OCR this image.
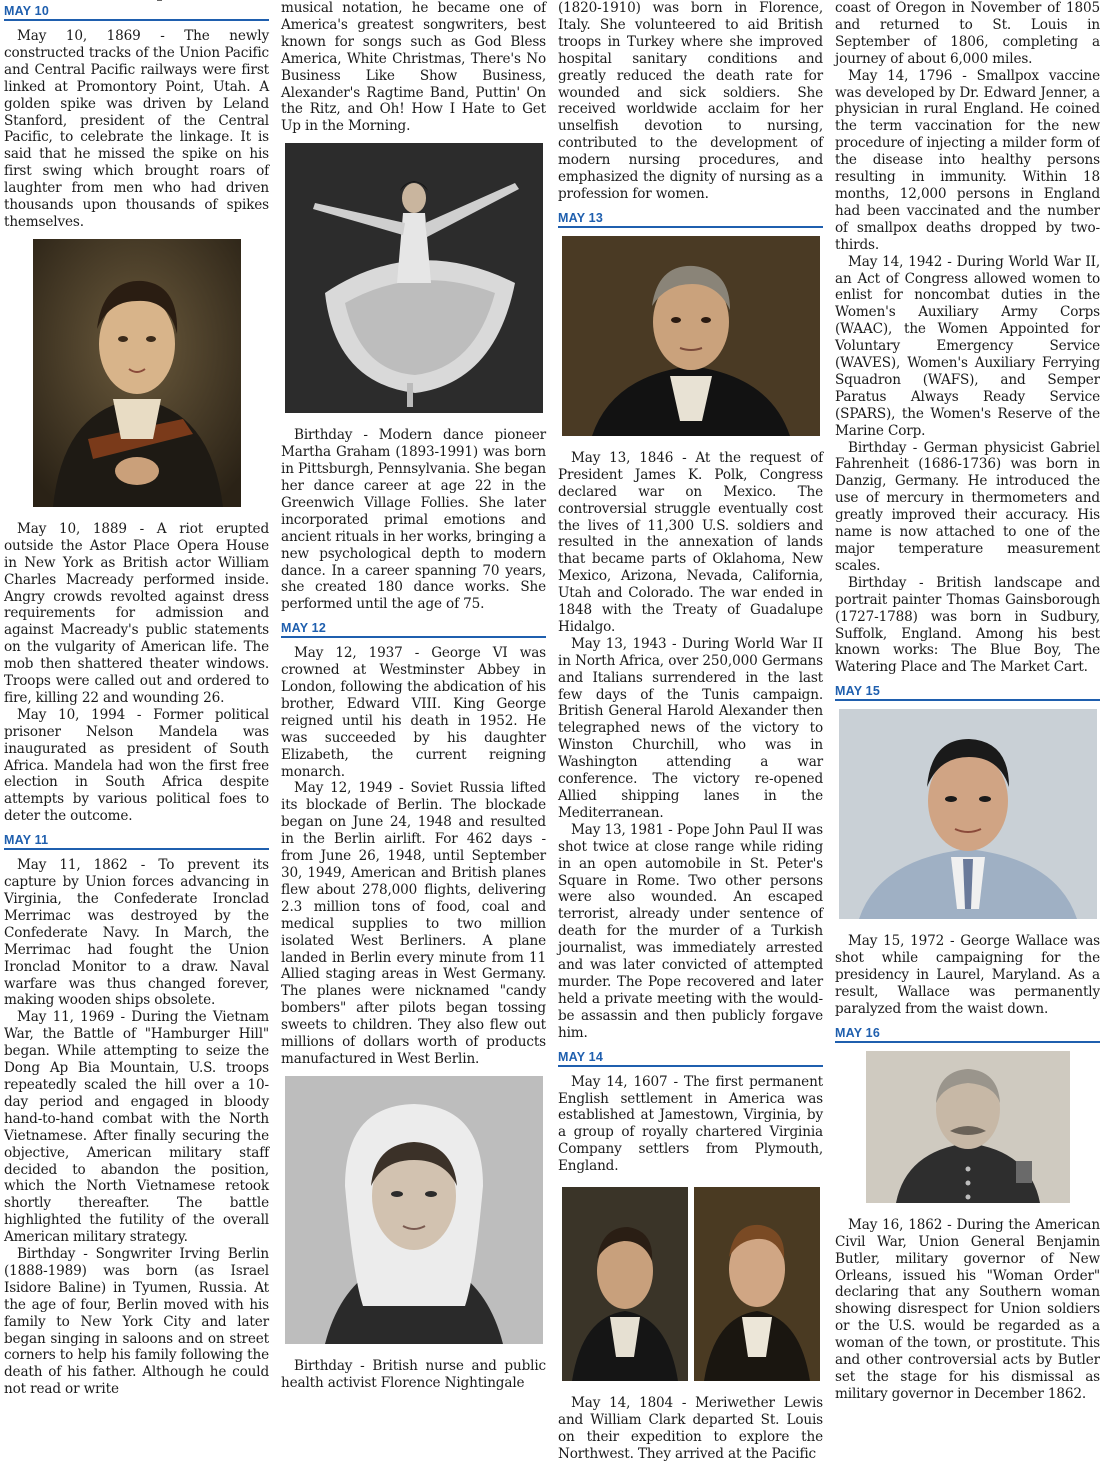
MAY 10

May 10, 1869 - The newly constructed tracks of the Union Pacific and Central Pacific railways were first linked at Promontory Point, Utah. A golden spike was driven by Leland Stanford, president of the Central Pacific, to celebrate the linkage. It is said that he missed the spike on his first swing which brought roars of laughter from men who had driven thousands upon thousands of spikes themselves.

May 10, 1889 - A riot erupted outside the Astor Place Opera House in New York as British actor William Charles Macready performed inside. Angry crowds revolted against dress requirements for admission and against Macready's public statements on the vulgarity of American life. The mob then shattered theater windows. Troops were called out and ordered to fire, killing 22 and wounding 26.

May 10, 1994 - Former political prisoner Nelson Mandela was inaugurated as president of South Africa. Mandela had won the first free election in South Africa despite attempts by various political foes to deter the outcome.

MAY 11

May 11, 1862 - To prevent its capture by Union forces advancing in Virginia, the Confederate Ironclad Merrimac was destroyed by the Confederate Navy. In March, the Merrimac had fought the Union Ironclad Monitor to a draw. Naval warfare was thus changed forever, making wooden ships obsolete.

May 11, 1969 - During the Vietnam War, the Battle of "Hamburger Hill" began. While attempting to seize the Dong Ap Bia Mountain, U.S. troops repeatedly scaled the hill over a 10-day period and engaged in bloody hand-to-hand combat with the North Vietnamese. After finally securing the objective, American military staff decided to abandon the position, which the North Vietnamese retook shortly thereafter. The battle highlighted the futility of the overall American military strategy.

Birthday - Songwriter Irving Berlin (1888-1989) was born (as Israel Isidore Baline) in Tyumen, Russia. At the age of four, Berlin moved with his family to New York City and later began singing in saloons and on street corners to help his family following the death of his father. Although he could not read or write

musical notation, he became one of America's greatest songwriters, best known for songs such as God Bless America, White Christmas, There's No Business Like Show Business, Alexander's Ragtime Band, Puttin' On the Ritz, and Oh! How I Hate to Get Up in the Morning.

Birthday - Modern dance pioneer Martha Graham (1893-1991) was born in Pittsburgh, Pennsylvania. She began her dance career at age 22 in the Greenwich Village Follies. She later incorporated primal emotions and ancient rituals in her works, bringing a new psychological depth to modern dance. In a career spanning 70 years, she created 180 dance works. She performed until the age of 75.

MAY 12

May 12, 1937 - George VI was crowned at Westminster Abbey in London, following the abdication of his brother, Edward VIII. King George reigned until his death in 1952. He was succeeded by his daughter Elizabeth, the current reigning monarch.

May 12, 1949 - Soviet Russia lifted its blockade of Berlin. The blockade began on June 24, 1948 and resulted in the Berlin airlift. For 462 days - from June 26, 1948, until September 30, 1949, American and British planes flew about 278,000 flights, delivering 2.3 million tons of food, coal and medical supplies to two million isolated West Berliners. A plane landed in Berlin every minute from 11 Allied staging areas in West Germany. The planes were nicknamed "candy bombers" after pilots began tossing sweets to children. They also flew out millions of dollars worth of products manufactured in West Berlin.

Birthday - British nurse and public health activist Florence Nightingale

(1820-1910) was born in Florence, Italy. She volunteered to aid British troops in Turkey where she improved hospital sanitary conditions and greatly reduced the death rate for wounded and sick soldiers. She received worldwide acclaim for her unselfish devotion to nursing, contributed to the development of modern nursing procedures, and emphasized the dignity of nursing as a profession for women.

MAY 13

May 13, 1846 - At the request of President James K. Polk, Congress declared war on Mexico. The controversial struggle eventually cost the lives of 11,300 U.S. soldiers and resulted in the annexation of lands that became parts of Oklahoma, New Mexico, Arizona, Nevada, California, Utah and Colorado. The war ended in 1848 with the Treaty of Guadalupe Hidalgo.

May 13, 1943 - During World War II in North Africa, over 250,000 Germans and Italians surrendered in the last few days of the Tunis campaign. British General Harold Alexander then telegraphed news of the victory to Winston Churchill, who was in Washington attending a war conference. The victory re-opened Allied shipping lanes in the Mediterranean.

May 13, 1981 - Pope John Paul II was shot twice at close range while riding in an open automobile in St. Peter's Square in Rome. Two other persons were also wounded. An escaped terrorist, already under sentence of death for the murder of a Turkish journalist, was immediately arrested and was later convicted of attempted murder. The Pope recovered and later held a private meeting with the would-be assassin and then publicly forgave him.

MAY 14

May 14, 1607 - The first permanent English settlement in America was established at Jamestown, Virginia, by a group of royally chartered Virginia Company settlers from Plymouth, England.

May 14, 1804 - Meriwether Lewis and William Clark departed St. Louis on their expedition to explore the Northwest. They arrived at the Pacific

coast of Oregon in November of 1805 and returned to St. Louis in September of 1806, completing a journey of about 6,000 miles.

May 14, 1796 - Smallpox vaccine was developed by Dr. Edward Jenner, a physician in rural England. He coined the term vaccination for the new procedure of injecting a milder form of the disease into healthy persons resulting in immunity. Within 18 months, 12,000 persons in England had been vaccinated and the number of smallpox deaths dropped by two-thirds.

May 14, 1942 - During World War II, an Act of Congress allowed women to enlist for noncombat duties in the Women's Auxiliary Army Corps (WAAC), the Women Appointed for Voluntary Emergency Service (WAVES), Women's Auxiliary Ferrying Squadron (WAFS), and Semper Paratus Always Ready Service (SPARS), the Women's Reserve of the Marine Corp.

Birthday - German physicist Gabriel Fahrenheit (1686-1736) was born in Danzig, Germany. He introduced the use of mercury in thermometers and greatly improved their accuracy. His name is now attached to one of the major temperature measurement scales.

Birthday - British landscape and portrait painter Thomas Gainsborough (1727-1788) was born in Sudbury, Suffolk, England. Among his best known works: The Blue Boy, The Watering Place and The Market Cart.

MAY 15

May 15, 1972 - George Wallace was shot while campaigning for the presidency in Laurel, Maryland. As a result, Wallace was permanently paralyzed from the waist down.

MAY 16

May 16, 1862 - During the American Civil War, Union General Benjamin Butler, military governor of New Orleans, issued his "Woman Order" declaring that any Southern woman showing disrespect for Union soldiers or the U.S. would be regarded as a woman of the town, or prostitute. This and other controversial acts by Butler set the stage for his dismissal as military governor in December 1862.
